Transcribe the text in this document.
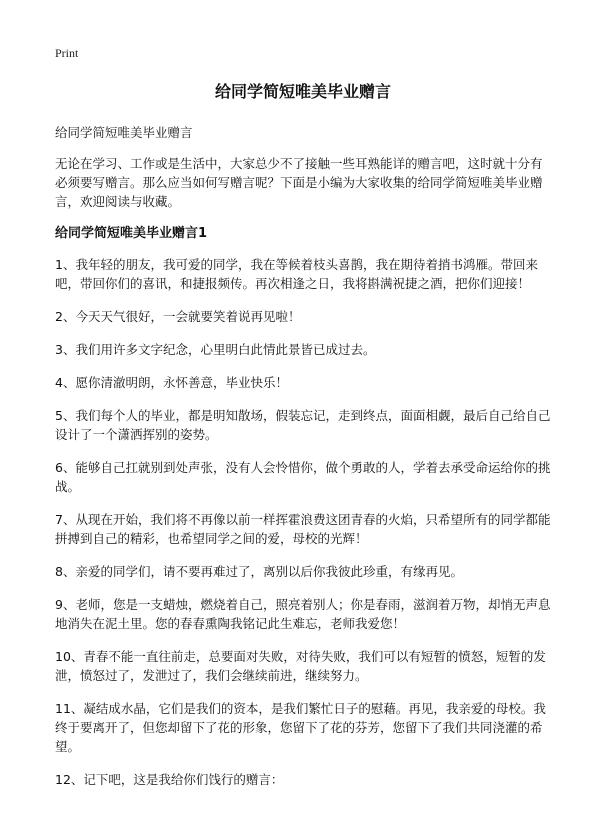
Print
给同学简短唯美毕业赠言
给同学简短唯美毕业赠言
无论在学习、工作或是生活中，大家总少不了接触一些耳熟能详的赠言吧，这时就十分有必须要写赠言。那么应当如何写赠言呢？下面是小编为大家收集的给同学简短唯美毕业赠言，欢迎阅读与收藏。
给同学简短唯美毕业赠言1
1、我年轻的朋友，我可爱的同学，我在等候着枝头喜鹊，我在期待着捎书鸿雁。带回来吧，带回你们的喜讯，和捷报频传。再次相逢之日，我将斟满祝捷之酒，把你们迎接！
2、今天天气很好，一会就要笑着说再见啦！
3、我们用许多文字纪念，心里明白此情此景皆已成过去。
4、愿你清澈明朗，永怀善意，毕业快乐！
5、我们每个人的毕业，都是明知散场，假装忘记，走到终点，面面相觑，最后自己给自己设计了一个潇洒挥别的姿势。
6、能够自己扛就别到处声张，没有人会怜惜你，做个勇敢的人，学着去承受命运给你的挑战。
7、从现在开始，我们将不再像以前一样挥霍浪费这团青春的火焰，只希望所有的同学都能拼搏到自己的精彩，也希望同学之间的爱，母校的光辉！
8、亲爱的同学们，请不要再难过了，离别以后你我彼此珍重，有缘再见。
9、老师，您是一支蜡烛，燃烧着自己，照亮着别人；你是春雨，滋润着万物，却悄无声息地消失在泥土里。您的春春熏陶我铭记此生难忘，老师我爱您！
10、青春不能一直往前走，总要面对失败，对待失败，我们可以有短暂的愤怒，短暂的发泄，愤怒过了，发泄过了，我们会继续前进，继续努力。
11、凝结成水晶，它们是我们的资本，是我们繁忙日子的慰藉。再见，我亲爱的母校。我终于要离开了，但您却留下了花的形象，您留下了花的芬芳，您留下了我们共同浇灌的希望。
12、记下吧，这是我给你们饯行的赠言：
